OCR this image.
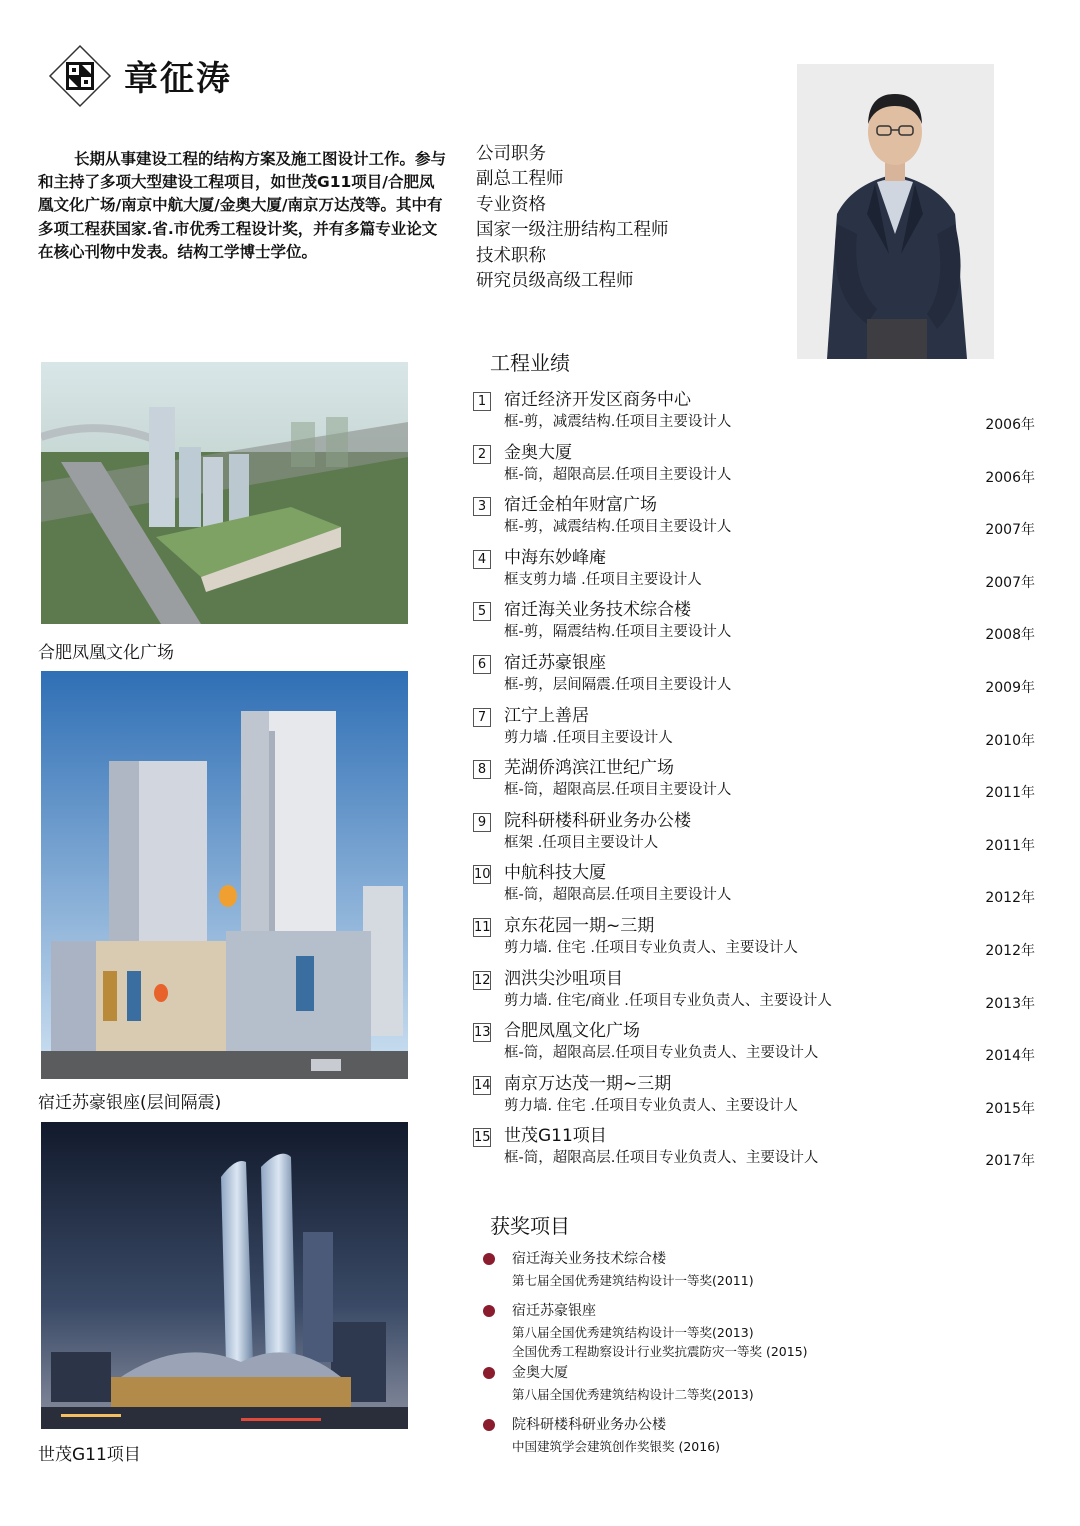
章征涛
长期从事建设工程的结构方案及施工图设计工作。参与和主持了多项大型建设工程项目，如世茂G11项目/合肥凤凰文化广场/南京中航大厦/金奥大厦/南京万达茂等。其中有多项工程获国家.省.市优秀工程设计奖，并有多篇专业论文在核心刊物中发表。结构工学博士学位。
公司职务
副总工程师
专业资格
国家一级注册结构工程师
技术职称
研究员级高级工程师
合肥凤凰文化广场
宿迁苏豪银座(层间隔震)
世茂G11项目
工程业绩
1 宿迁经济开发区商务中心
框-剪，减震结构.任项目主要设计人	2006年
2 金奥大厦
框-筒，超限高层.任项目主要设计人	2006年
3 宿迁金柏年财富广场
框-剪，减震结构.任项目主要设计人	2007年
4 中海东妙峰庵
框支剪力墙 .任项目主要设计人	2007年
5 宿迁海关业务技术综合楼
框-剪，隔震结构.任项目主要设计人	2008年
6 宿迁苏豪银座
框-剪，层间隔震.任项目主要设计人	2009年
7 江宁上善居
剪力墙 .任项目主要设计人	2010年
8 芜湖侨鸿滨江世纪广场
框-筒，超限高层.任项目主要设计人	2011年
9 院科研楼科研业务办公楼
框架 .任项目主要设计人	2011年
10 中航科技大厦
框-筒，超限高层.任项目主要设计人	2012年
11 京东花园一期~三期
剪力墙. 住宅 .任项目专业负责人、主要设计人	2012年
12 泗洪尖沙咀项目
剪力墙. 住宅/商业 .任项目专业负责人、主要设计人	2013年
13 合肥凤凰文化广场
框-筒，超限高层.任项目专业负责人、主要设计人	2014年
14 南京万达茂一期~三期
剪力墙. 住宅 .任项目专业负责人、主要设计人	2015年
15 世茂G11项目
框-筒，超限高层.任项目专业负责人、主要设计人	2017年
获奖项目
宿迁海关业务技术综合楼
第七届全国优秀建筑结构设计一等奖(2011)
宿迁苏豪银座
第八届全国优秀建筑结构设计一等奖(2013)
全国优秀工程勘察设计行业奖抗震防灾一等奖 (2015)
金奥大厦
第八届全国优秀建筑结构设计二等奖(2013)
院科研楼科研业务办公楼
中国建筑学会建筑创作奖银奖 (2016)
